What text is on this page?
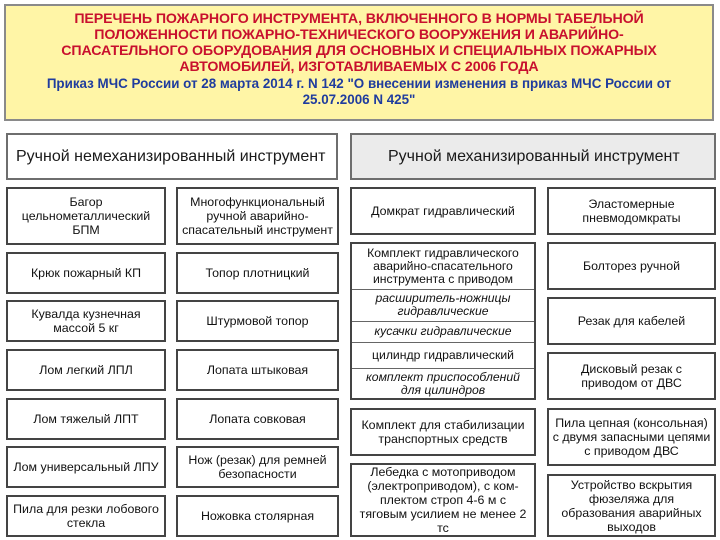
ПЕРЕЧЕНЬ ПОЖАРНОГО ИНСТРУМЕНТА, ВКЛЮЧЕННОГО В НОРМЫ ТАБЕЛЬНОЙ
ПОЛОЖЕННОСТИ ПОЖАРНО-ТЕХНИЧЕСКОГО ВООРУЖЕНИЯ И АВАРИЙНО-
СПАСАТЕЛЬНОГО ОБОРУДОВАНИЯ ДЛЯ ОСНОВНЫХ И СПЕЦИАЛЬНЫХ ПОЖАРНЫХ
АВТОМОБИЛЕЙ, ИЗГОТАВЛИВАЕМЫХ С 2006 ГОДА
Приказ МЧС России от 28 марта 2014 г. N 142 "О внесении изменения в приказ МЧС России от
25.07.2006 N 425"
Ручной немеханизированный инструмент	Ручной механизированный инструмент
Багор цельнометаллический БПМ
Крюк пожарный КП
Кувалда кузнечная массой 5 кг
Лом легкий ЛПЛ
Лом тяжелый ЛПТ
Лом универсальный ЛПУ
Пила для резки лобового стекла
Многофункциональный ручной аварийно-спасательный инструмент
Топор плотницкий
Штурмовой топор
Лопата штыковая
Лопата совковая
Нож (резак) для ремней безопасности
Ножовка столярная
Домкрат гидравлический
Комплект гидравлического аварийно-спасательного инструмента с приводом
расширитель-ножницы гидравлические
кусачки гидравлические
цилиндр гидравлический
комплект приспособлений для цилиндров
Комплект для стабилизации транспортных средств
Лебедка с мотоприводом (электроприводом), с ком-плектом строп 4-6 м с тяговым усилием не менее 2 тс
Эластомерные пневмодомкраты
Болторез ручной
Резак для кабелей
Дисковый резак с приводом от ДВС
Пила цепная (консольная) с двумя запасными цепями с приводом ДВС
Устройство вскрытия фюзеляжа для образования аварийных выходов
